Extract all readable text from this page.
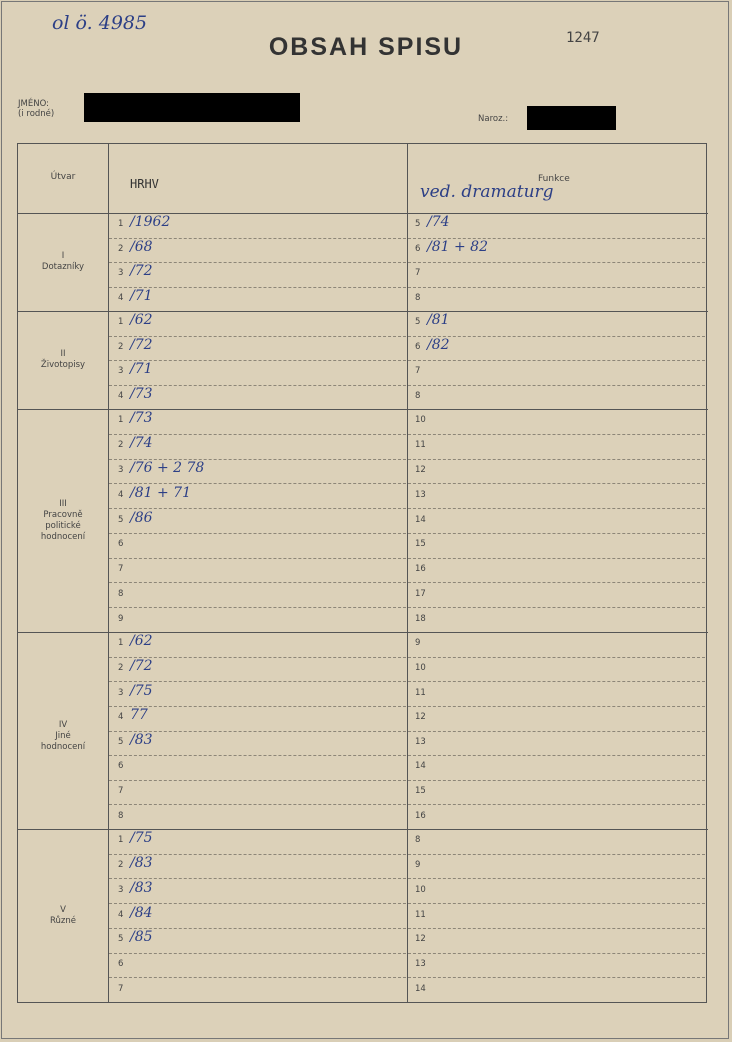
ol ö. 4985
OBSAH SPISU	1247
JMÉNO:
(i rodné)	Naroz.:
Útvar	HRHV	Funkce
ved. dramaturg
I
Dotazníky
1 /1962	5 /74
2 /68	6 /81 + 82
3 /72	7
4 /71	8
II
Životopisy
1 /62	5 /81
2 /72	6 /82
3 /71	7
4 /73	8
III
Pracovně politické hodnocení
1 /73	10
2 /74	11
3 /76 + 2 78	12
4 /81 + 71	13
5 /86	14
6	15
7	16
8	17
9	18
IV
Jiné hodnocení
1 /62	9
2 /72	10
3 /75	11
4 77	12
5 /83	13
6	14
7	15
8	16
V
Různé
1 /75	8
2 /83	9
3 /83	10
4 /84	11
5 /85	12
6	13
7	14
